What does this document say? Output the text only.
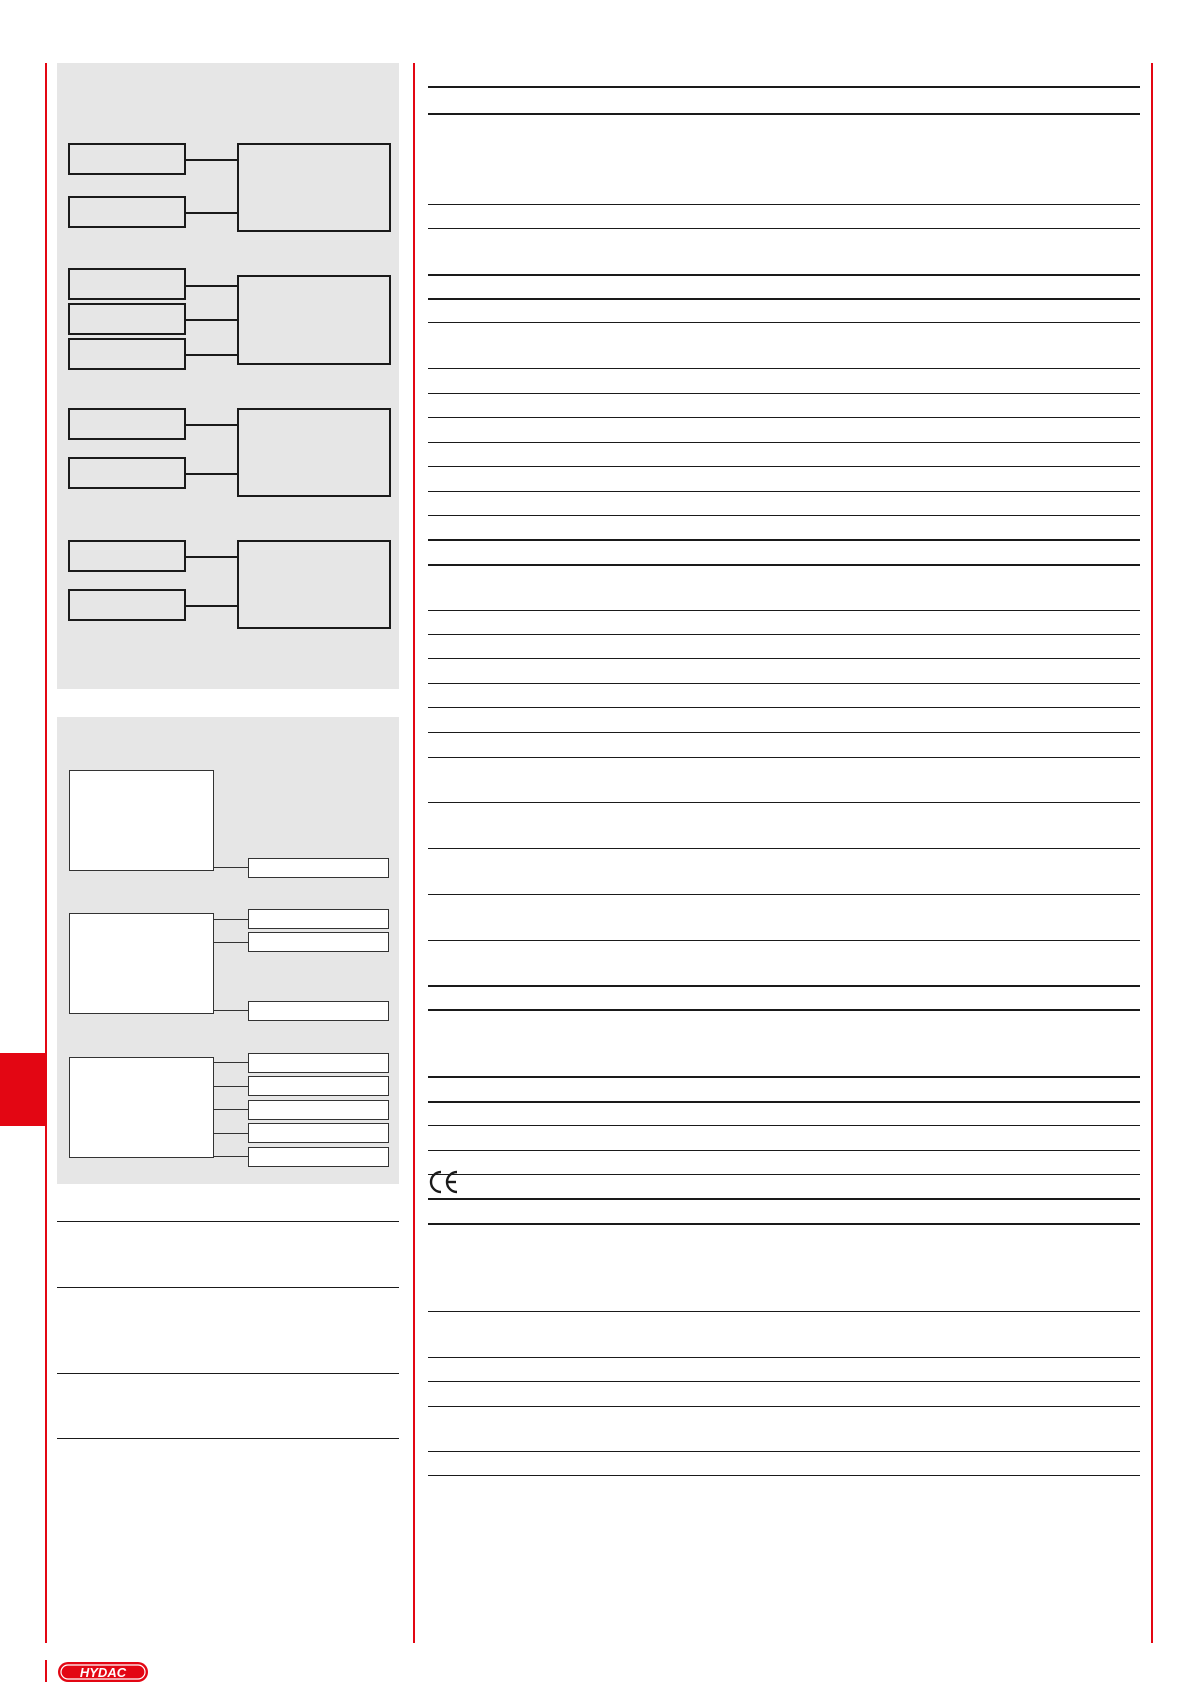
HYDAC
